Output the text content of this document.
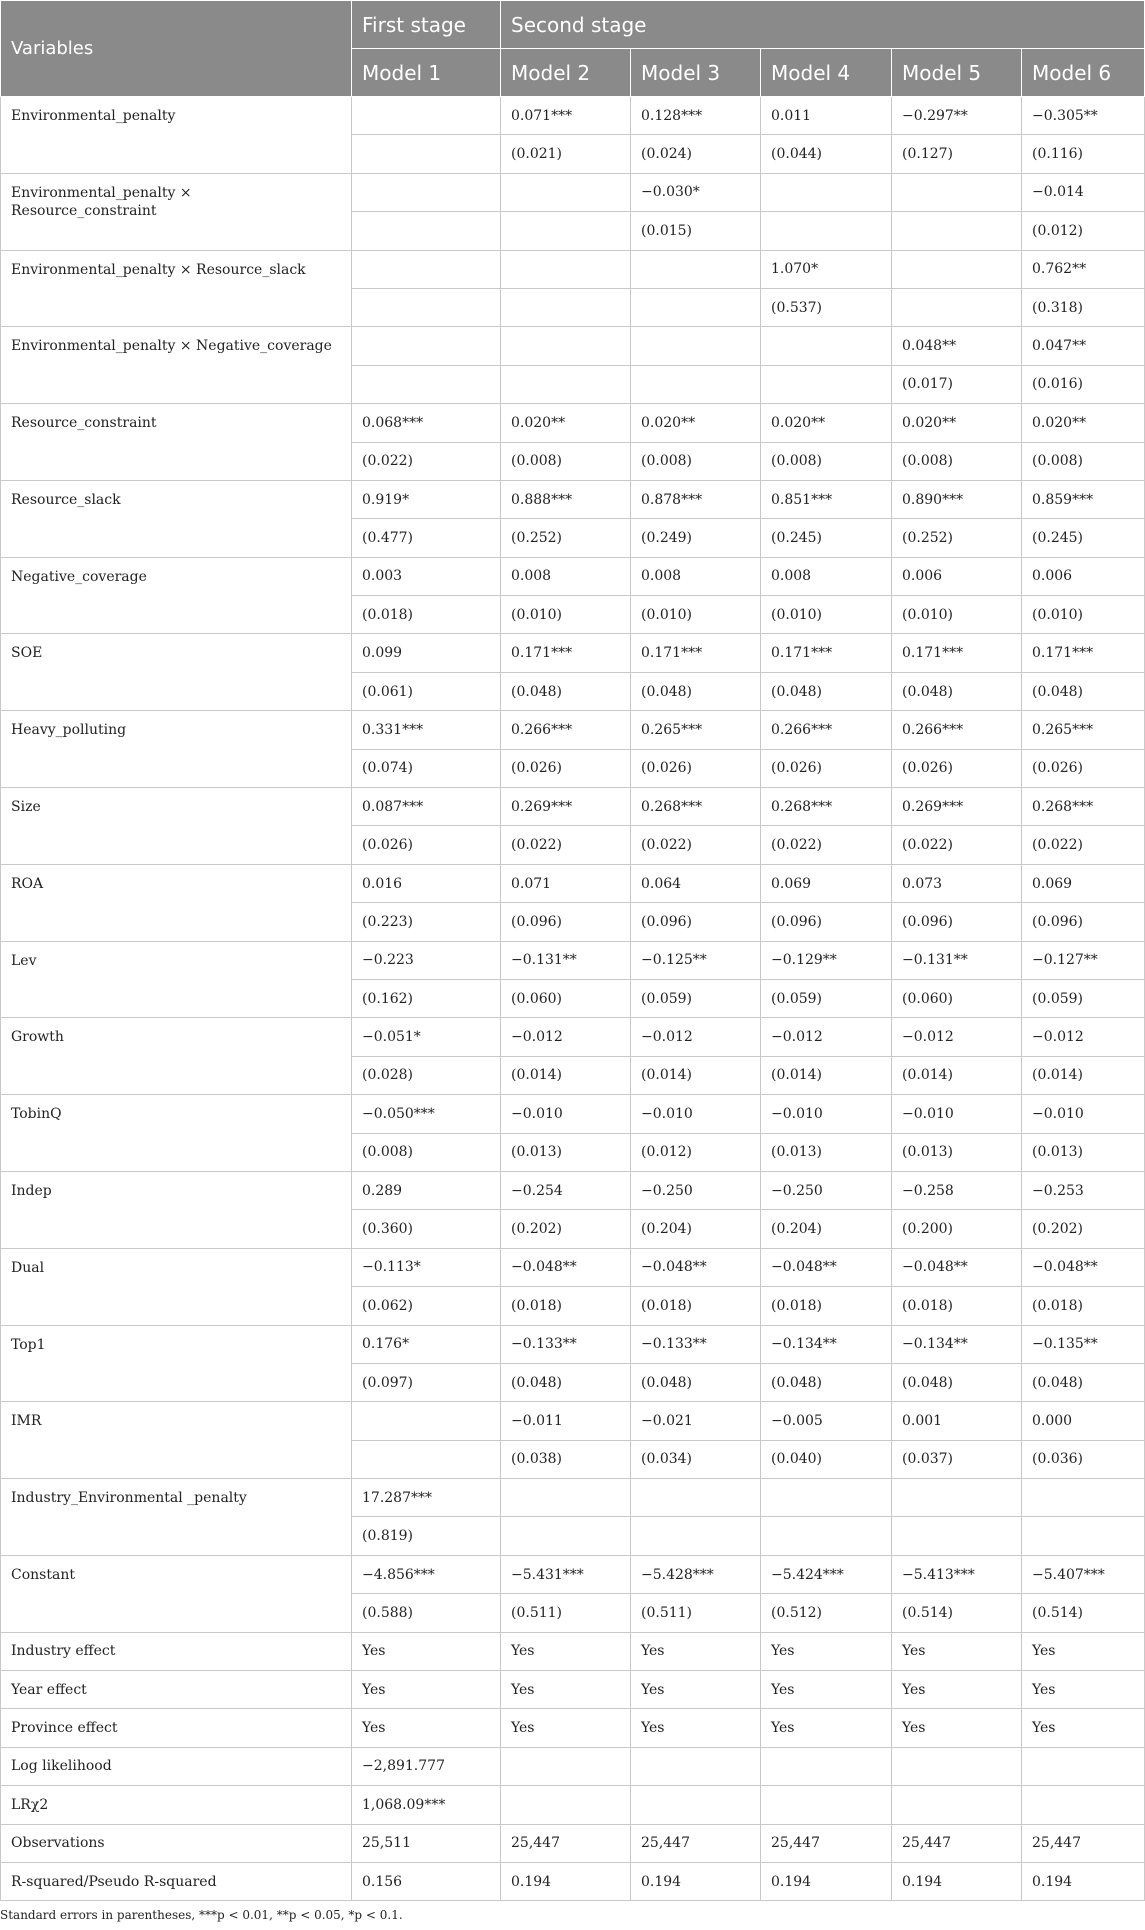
Variables	First stage	Second stage				
	Model 1	Model 2	Model 3	Model 4	Model 5	Model 6
Environmental_penalty		0.071***	0.128***	0.011	−0.297**	−0.305**
		(0.021)	(0.024)	(0.044)	(0.127)	(0.116)
Environmental_penalty × Resource_constraint			−0.030*			−0.014
			(0.015)			(0.012)
Environmental_penalty × Resource_slack				1.070*		0.762**
				(0.537)		(0.318)
Environmental_penalty × Negative_coverage					0.048**	0.047**
					(0.017)	(0.016)
Resource_constraint	0.068***	0.020**	0.020**	0.020**	0.020**	0.020**
	(0.022)	(0.008)	(0.008)	(0.008)	(0.008)	(0.008)
Resource_slack	0.919*	0.888***	0.878***	0.851***	0.890***	0.859***
	(0.477)	(0.252)	(0.249)	(0.245)	(0.252)	(0.245)
Negative_coverage	0.003	0.008	0.008	0.008	0.006	0.006
	(0.018)	(0.010)	(0.010)	(0.010)	(0.010)	(0.010)
SOE	0.099	0.171***	0.171***	0.171***	0.171***	0.171***
	(0.061)	(0.048)	(0.048)	(0.048)	(0.048)	(0.048)
Heavy_polluting	0.331***	0.266***	0.265***	0.266***	0.266***	0.265***
	(0.074)	(0.026)	(0.026)	(0.026)	(0.026)	(0.026)
Size	0.087***	0.269***	0.268***	0.268***	0.269***	0.268***
	(0.026)	(0.022)	(0.022)	(0.022)	(0.022)	(0.022)
ROA	0.016	0.071	0.064	0.069	0.073	0.069
	(0.223)	(0.096)	(0.096)	(0.096)	(0.096)	(0.096)
Lev	−0.223	−0.131**	−0.125**	−0.129**	−0.131**	−0.127**
	(0.162)	(0.060)	(0.059)	(0.059)	(0.060)	(0.059)
Growth	−0.051*	−0.012	−0.012	−0.012	−0.012	−0.012
	(0.028)	(0.014)	(0.014)	(0.014)	(0.014)	(0.014)
TobinQ	−0.050***	−0.010	−0.010	−0.010	−0.010	−0.010
	(0.008)	(0.013)	(0.012)	(0.013)	(0.013)	(0.013)
Indep	0.289	−0.254	−0.250	−0.250	−0.258	−0.253
	(0.360)	(0.202)	(0.204)	(0.204)	(0.200)	(0.202)
Dual	−0.113*	−0.048**	−0.048**	−0.048**	−0.048**	−0.048**
	(0.062)	(0.018)	(0.018)	(0.018)	(0.018)	(0.018)
Top1	0.176*	−0.133**	−0.133**	−0.134**	−0.134**	−0.135**
	(0.097)	(0.048)	(0.048)	(0.048)	(0.048)	(0.048)
IMR		−0.011	−0.021	−0.005	0.001	0.000
		(0.038)	(0.034)	(0.040)	(0.037)	(0.036)
Industry_Environmental _penalty	17.287***					
	(0.819)					
Constant	−4.856***	−5.431***	−5.428***	−5.424***	−5.413***	−5.407***
	(0.588)	(0.511)	(0.511)	(0.512)	(0.514)	(0.514)
Industry effect	Yes	Yes	Yes	Yes	Yes	Yes
Year effect	Yes	Yes	Yes	Yes	Yes	Yes
Province effect	Yes	Yes	Yes	Yes	Yes	Yes
Log likelihood	−2,891.777					
LRχ2	1,068.09***					
Observations	25,511	25,447	25,447	25,447	25,447	25,447
R-squared/Pseudo R-squared	0.156	0.194	0.194	0.194	0.194	0.194
Standard errors in parentheses, ***p < 0.01, **p < 0.05, *p < 0.1.
